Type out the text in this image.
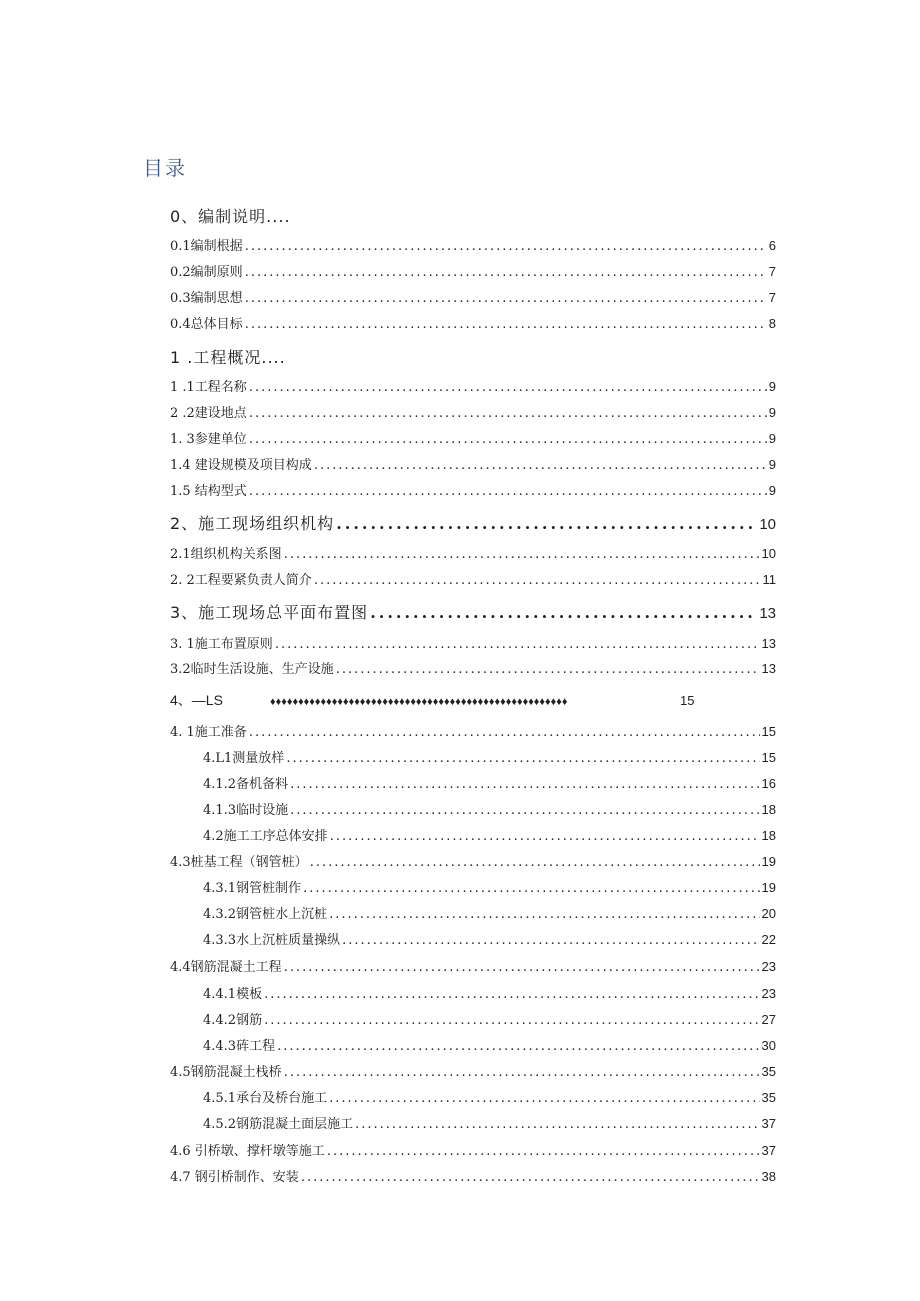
目录
0、编制说明....
0.1编制根据 .....	6
0.2编制原则 .....	7
0.3编制思想 .....	7
0.4总体目标 .....	8
1 .工程概况....
1 .1工程名称 .....	9
2 .2建设地点 .....	9
1. 3参建单位 .....	9
1.4 建设规模及项目构成 .....	9
1.5 结构型式 .....	9
2、施工现场组织机构 .....	10
2.1组织机构关系图 .....	10
2. 2工程要紧负责人简介 .....	11
3、施工现场总平面布置图 .....	13
3. 1施工布置原则 .....	13
3.2临时生活设施、生产设施 .....	13
4、—LS	♦♦♦♦♦♦♦♦♦♦♦♦♦♦♦♦♦♦♦♦♦♦♦♦♦♦♦♦♦♦♦♦♦♦♦♦♦♦♦♦♦♦♦♦♦♦♦♦♦♦♦♦♦	15
4. 1施工准备 .....	15
4.L1测量放样 .....	15
4.1.2备机备料 .....	16
4.1.3临时设施 .....	18
4.2施工工序总体安排 .....	18
4.3桩基工程（钢管桩） .....	19
4.3.1钢管桩制作 .....	19
4.3.2钢管桩水上沉桩 .....	20
4.3.3水上沉桩质量操纵 .....	22
4.4钢筋混凝土工程 .....	23
4.4.1模板 .....	23
4.4.2钢筋 .....	27
4.4.3砗工程 .....	30
4.5钢筋混凝土栈桥 .....	35
4.5.1承台及桥台施工 .....	35
4.5.2钢筋混凝土面层施工 .....	37
4.6 引桥墩、撑杆墩等施工 .....	37
4.7 钢引桥制作、安装 .....	38
